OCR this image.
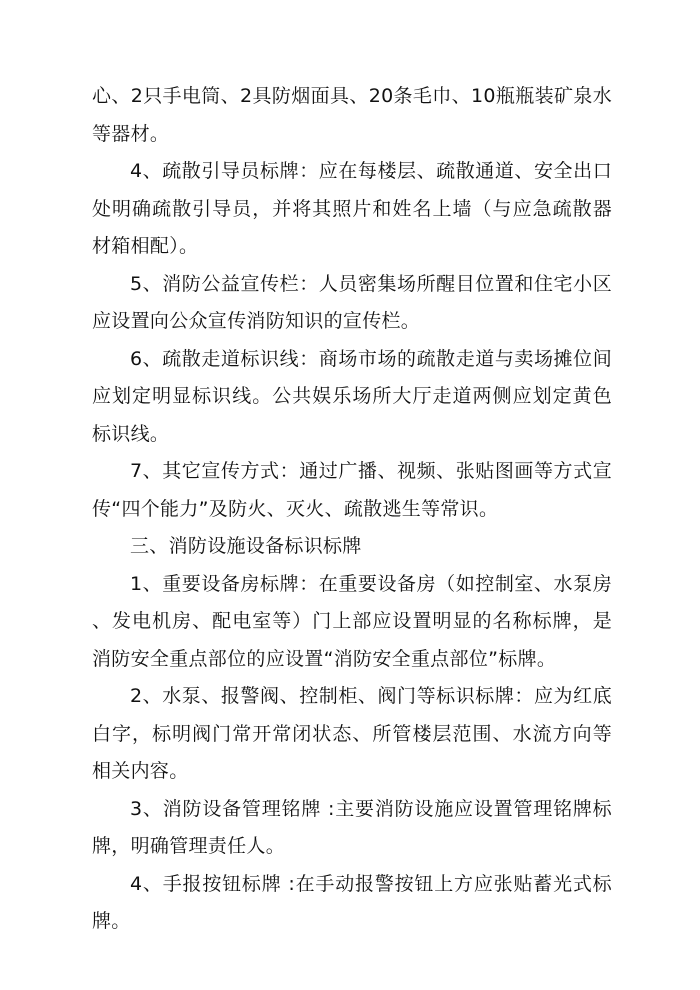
心、2只手电筒、2具防烟面具、20条毛巾、10瓶瓶装矿泉水等器材。

4、疏散引导员标牌：应在每楼层、疏散通道、安全出口处明确疏散引导员，并将其照片和姓名上墙（与应急疏散器材箱相配）。

5、消防公益宣传栏：人员密集场所醒目位置和住宅小区应设置向公众宣传消防知识的宣传栏。

6、疏散走道标识线：商场市场的疏散走道与卖场摊位间应划定明显标识线。公共娱乐场所大厅走道两侧应划定黄色标识线。

7、其它宣传方式：通过广播、视频、张贴图画等方式宣传“四个能力”及防火、灭火、疏散逃生等常识。

三、消防设施设备标识标牌

1、重要设备房标牌：在重要设备房（如控制室、水泵房、发电机房、配电室等）门上部应设置明显的名称标牌，是消防安全重点部位的应设置“消防安全重点部位”标牌。

2、水泵、报警阀、控制柜、阀门等标识标牌：应为红底白字，标明阀门常开常闭状态、所管楼层范围、水流方向等相关内容。

3、消防设备管理铭牌 :主要消防设施应设置管理铭牌标牌，明确管理责任人。

4、手报按钮标牌 :在手动报警按钮上方应张贴蓄光式标牌。
